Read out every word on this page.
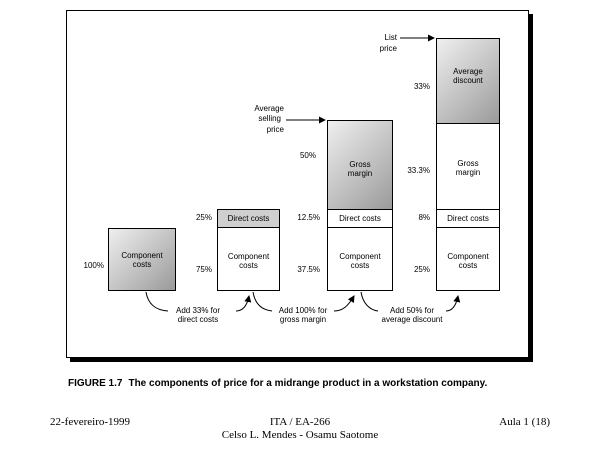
100%
Component
costs
25%
75%
Direct costs
Component
costs
Average
selling
price
50%
12.5%
37.5%
Gross
margin
Direct costs
Component
costs
List
price
33%
33.3%
8%
25%
Average
discount
Gross
margin
Direct costs
Component
costs
Add 33% for
direct costs
Add 100% for
gross margin
Add 50% for
average discount
FIGURE 1.7 The components of price for a midrange product in a workstation company.
22-fevereiro-1999	ITA / EA-266
Celso L. Mendes - Osamu Saotome
Aula 1 (18)
